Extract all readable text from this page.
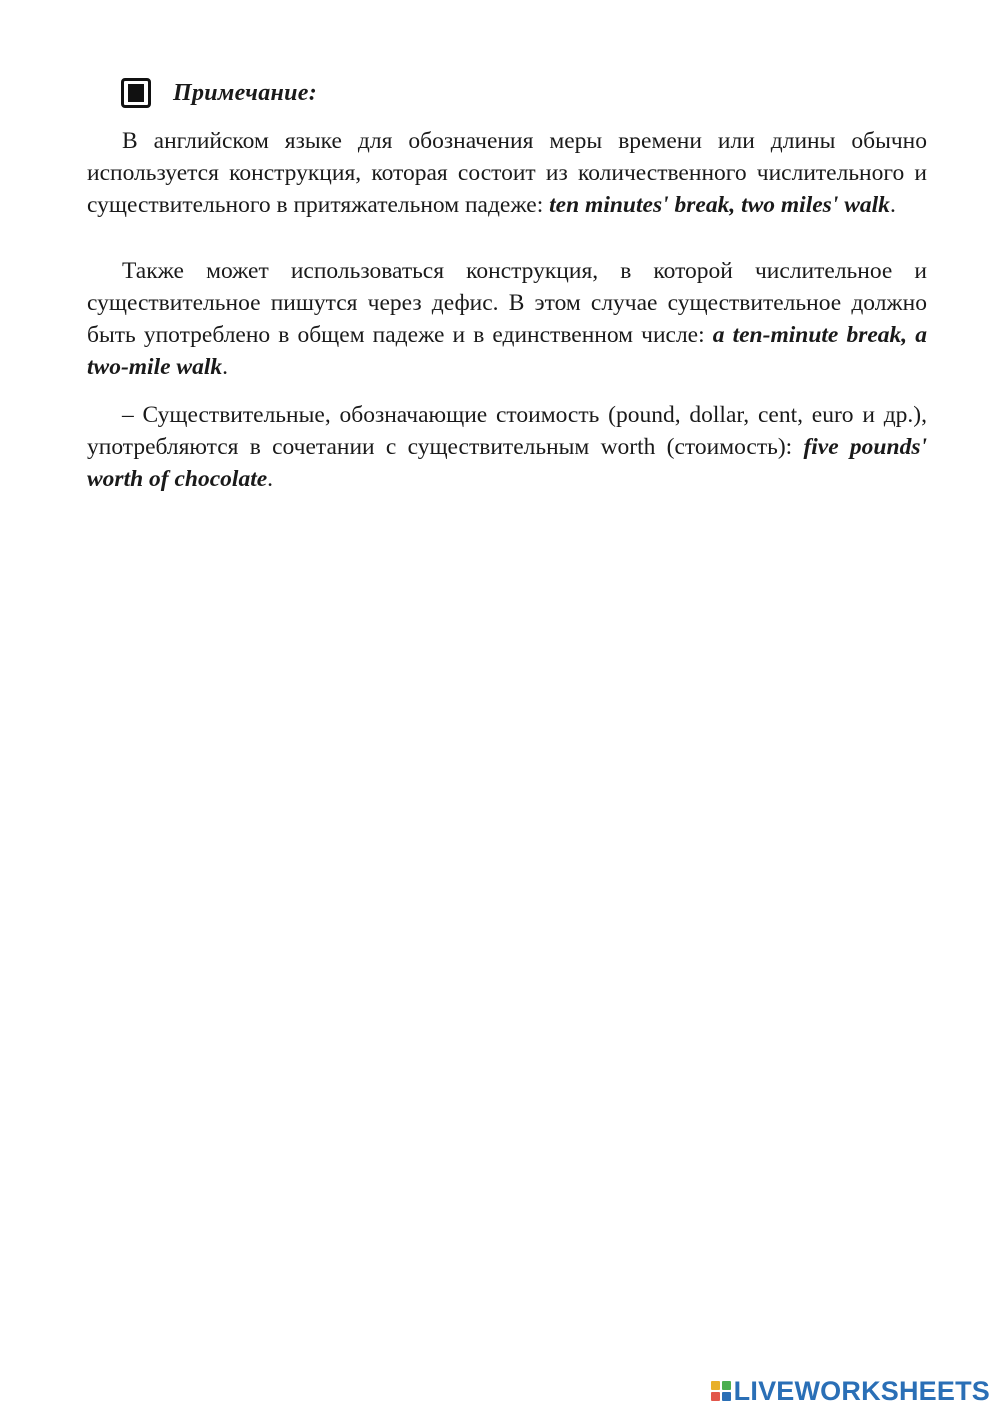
Примечание:

В английском языке для обозначения меры времени или длины обычно используется конструкция, которая состоит из количественного числительного и существительного в притяжательном падеже: ten minutes' break, two miles' walk.

Также может использоваться конструкция, в которой числительное и существительное пишутся через дефис. В этом случае существительное должно быть употреблено в общем падеже и в единственном числе: a ten-minute break, a two-mile walk.

– Существительные, обозначающие стоимость (pound, dollar, cent, euro и др.), употребляются в сочетании с существительным worth (стоимость): five pounds' worth of chocolate.

LIVEWORKSHEETS
